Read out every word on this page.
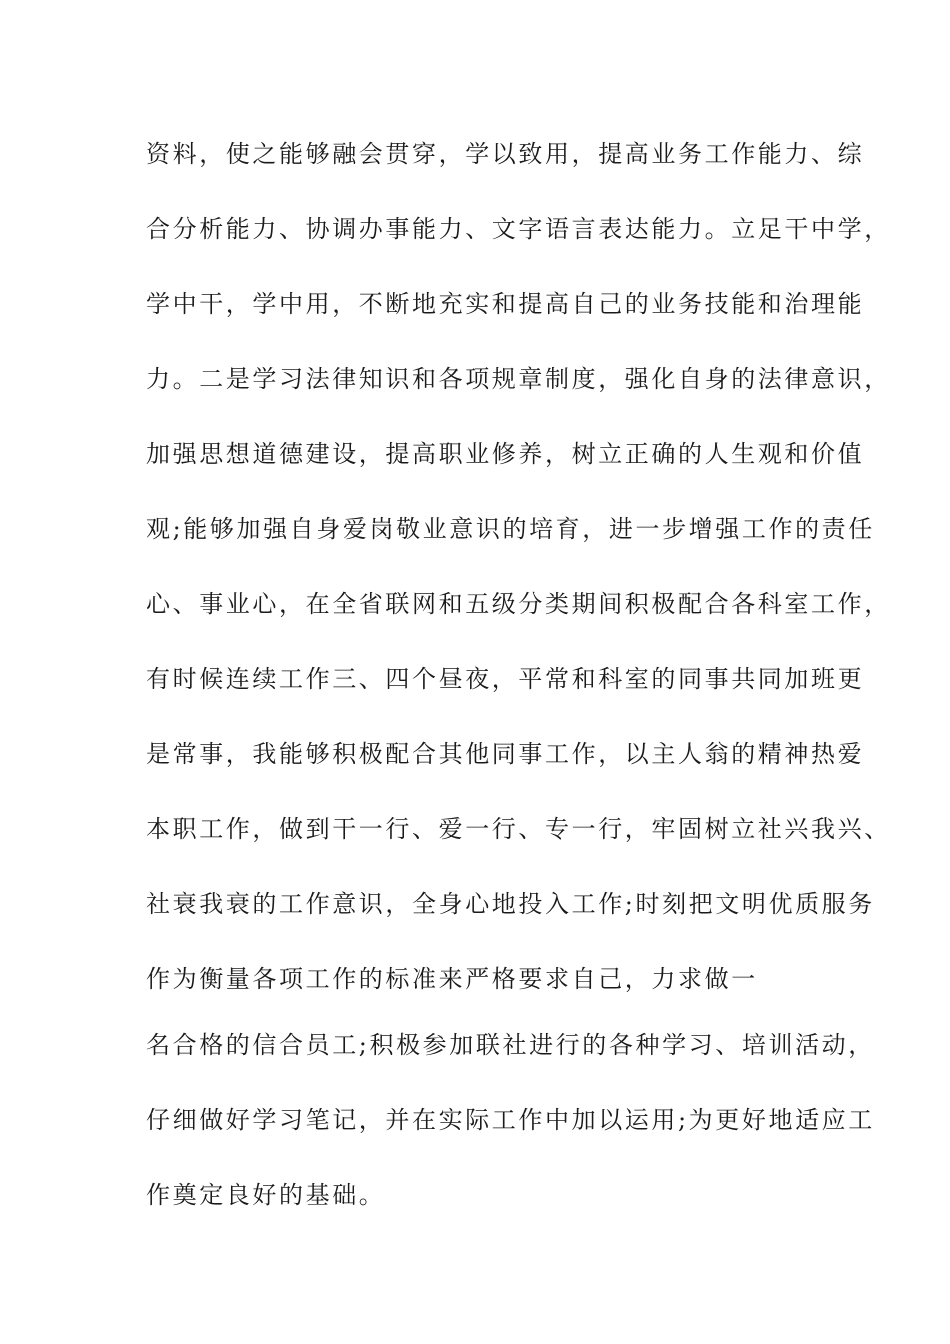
资料，使之能够融会贯穿，学以致用，提高业务工作能力、综
合分析能力、协调办事能力、文字语言表达能力。立足干中学，
学中干，学中用，不断地充实和提高自己的业务技能和治理能
力。二是学习法律知识和各项规章制度，强化自身的法律意识，
加强思想道德建设，提高职业修养，树立正确的人生观和价值
观;能够加强自身爱岗敬业意识的培育，进一步增强工作的责任
心、事业心，在全省联网和五级分类期间积极配合各科室工作，
有时候连续工作三、四个昼夜，平常和科室的同事共同加班更
是常事，我能够积极配合其他同事工作，以主人翁的精神热爱
本职工作，做到干一行、爱一行、专一行，牢固树立社兴我兴、
社衰我衰的工作意识，全身心地投入工作;时刻把文明优质服务
作为衡量各项工作的标准来严格要求自己，力求做一
名合格的信合员工;积极参加联社进行的各种学习、培训活动，
仔细做好学习笔记，并在实际工作中加以运用;为更好地适应工
作奠定良好的基础。
